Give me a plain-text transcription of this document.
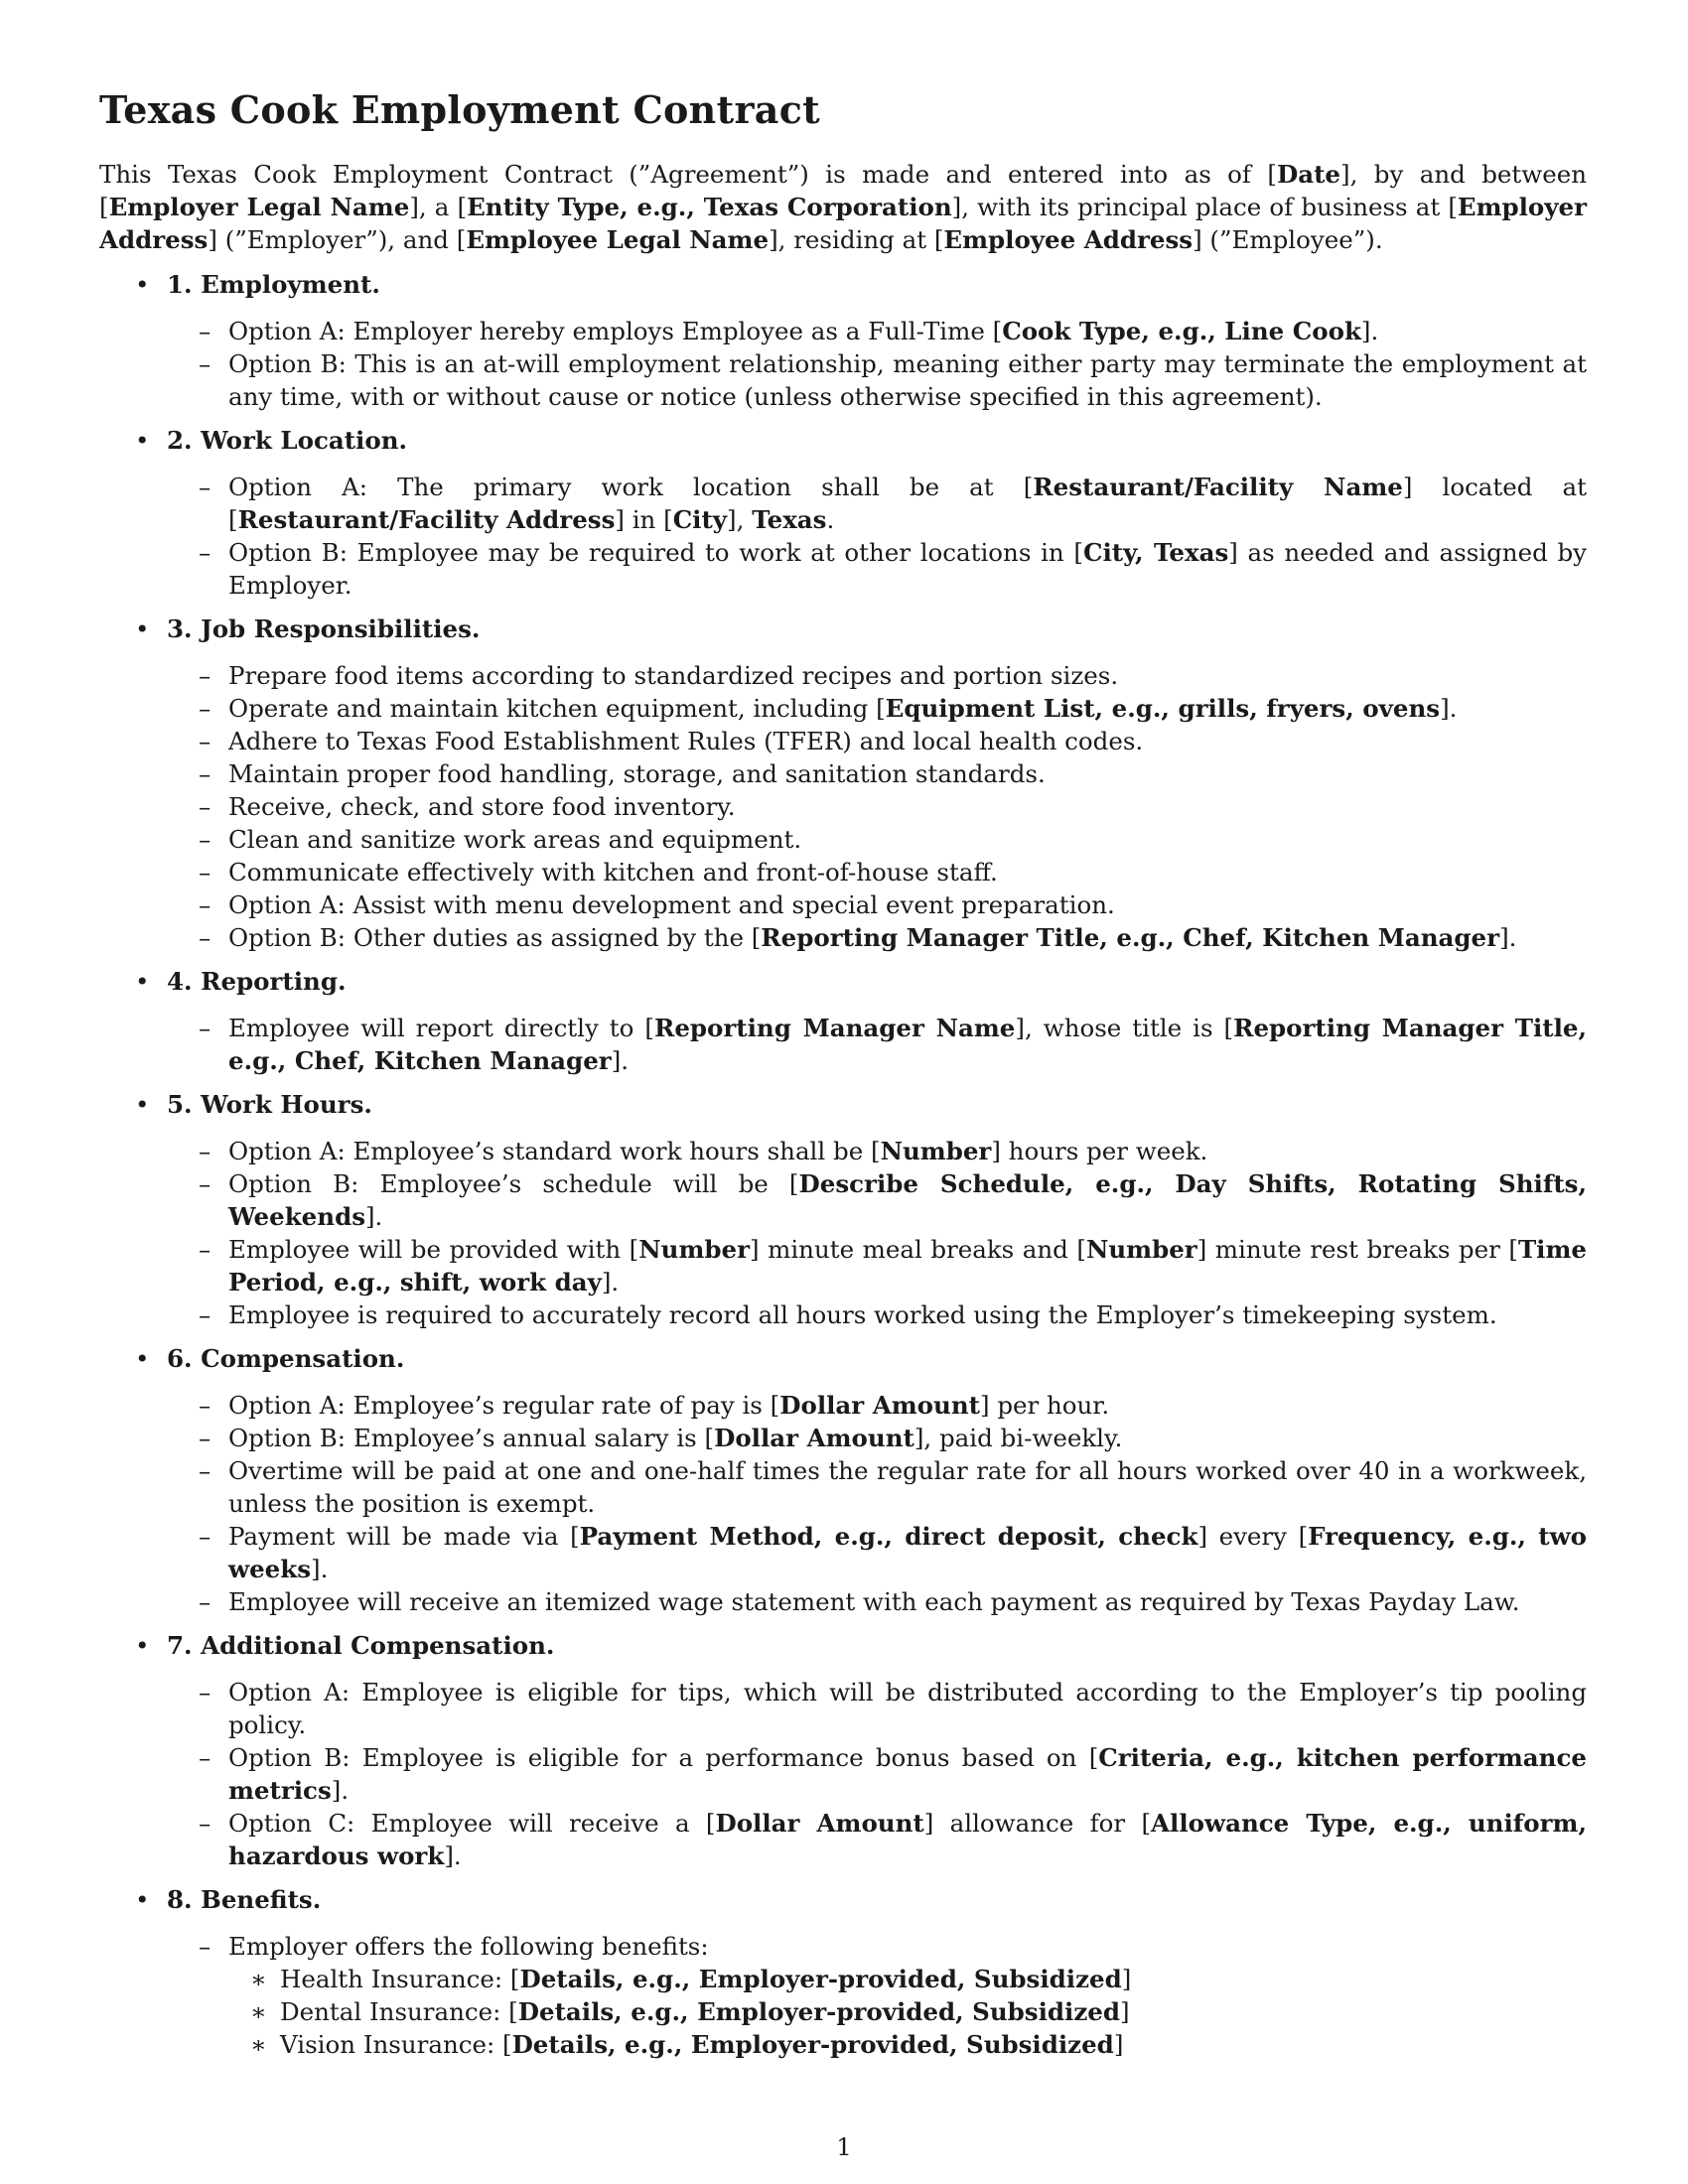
Texas Cook Employment Contract

This Texas Cook Employment Contract (”Agreement”) is made and entered into as of [Date], by and between [Employer Legal Name], a [Entity Type, e.g., Texas Corporation], with its principal place of business at [Employer Address] (”Employer”), and [Employee Legal Name], residing at [Employee Address] (”Employee”).

• 1. Employment.
– Option A: Employer hereby employs Employee as a Full-Time [Cook Type, e.g., Line Cook].
– Option B: This is an at-will employment relationship, meaning either party may terminate the employment at any time, with or without cause or notice (unless otherwise specified in this agreement).
• 2. Work Location.
– Option A: The primary work location shall be at [Restaurant/Facility Name] located at [Restaurant/Facility Address] in [City], Texas.
– Option B: Employee may be required to work at other locations in [City, Texas] as needed and assigned by Employer.
• 3. Job Responsibilities.
– Prepare food items according to standardized recipes and portion sizes.
– Operate and maintain kitchen equipment, including [Equipment List, e.g., grills, fryers, ovens].
– Adhere to Texas Food Establishment Rules (TFER) and local health codes.
– Maintain proper food handling, storage, and sanitation standards.
– Receive, check, and store food inventory.
– Clean and sanitize work areas and equipment.
– Communicate effectively with kitchen and front-of-house staff.
– Option A: Assist with menu development and special event preparation.
– Option B: Other duties as assigned by the [Reporting Manager Title, e.g., Chef, Kitchen Manager].
• 4. Reporting.
– Employee will report directly to [Reporting Manager Name], whose title is [Reporting Manager Title, e.g., Chef, Kitchen Manager].
• 5. Work Hours.
– Option A: Employee’s standard work hours shall be [Number] hours per week.
– Option B: Employee’s schedule will be [Describe Schedule, e.g., Day Shifts, Rotating Shifts, Weekends].
– Employee will be provided with [Number] minute meal breaks and [Number] minute rest breaks per [Time Period, e.g., shift, work day].
– Employee is required to accurately record all hours worked using the Employer’s timekeeping system.
• 6. Compensation.
– Option A: Employee’s regular rate of pay is [Dollar Amount] per hour.
– Option B: Employee’s annual salary is [Dollar Amount], paid bi-weekly.
– Overtime will be paid at one and one-half times the regular rate for all hours worked over 40 in a workweek, unless the position is exempt.
– Payment will be made via [Payment Method, e.g., direct deposit, check] every [Frequency, e.g., two weeks].
– Employee will receive an itemized wage statement with each payment as required by Texas Payday Law.
• 7. Additional Compensation.
– Option A: Employee is eligible for tips, which will be distributed according to the Employer’s tip pooling policy.
– Option B: Employee is eligible for a performance bonus based on [Criteria, e.g., kitchen performance metrics].
– Option C: Employee will receive a [Dollar Amount] allowance for [Allowance Type, e.g., uniform, hazardous work].
• 8. Benefits.
– Employer offers the following benefits:
∗ Health Insurance: [Details, e.g., Employer-provided, Subsidized]
∗ Dental Insurance: [Details, e.g., Employer-provided, Subsidized]
∗ Vision Insurance: [Details, e.g., Employer-provided, Subsidized]
1
